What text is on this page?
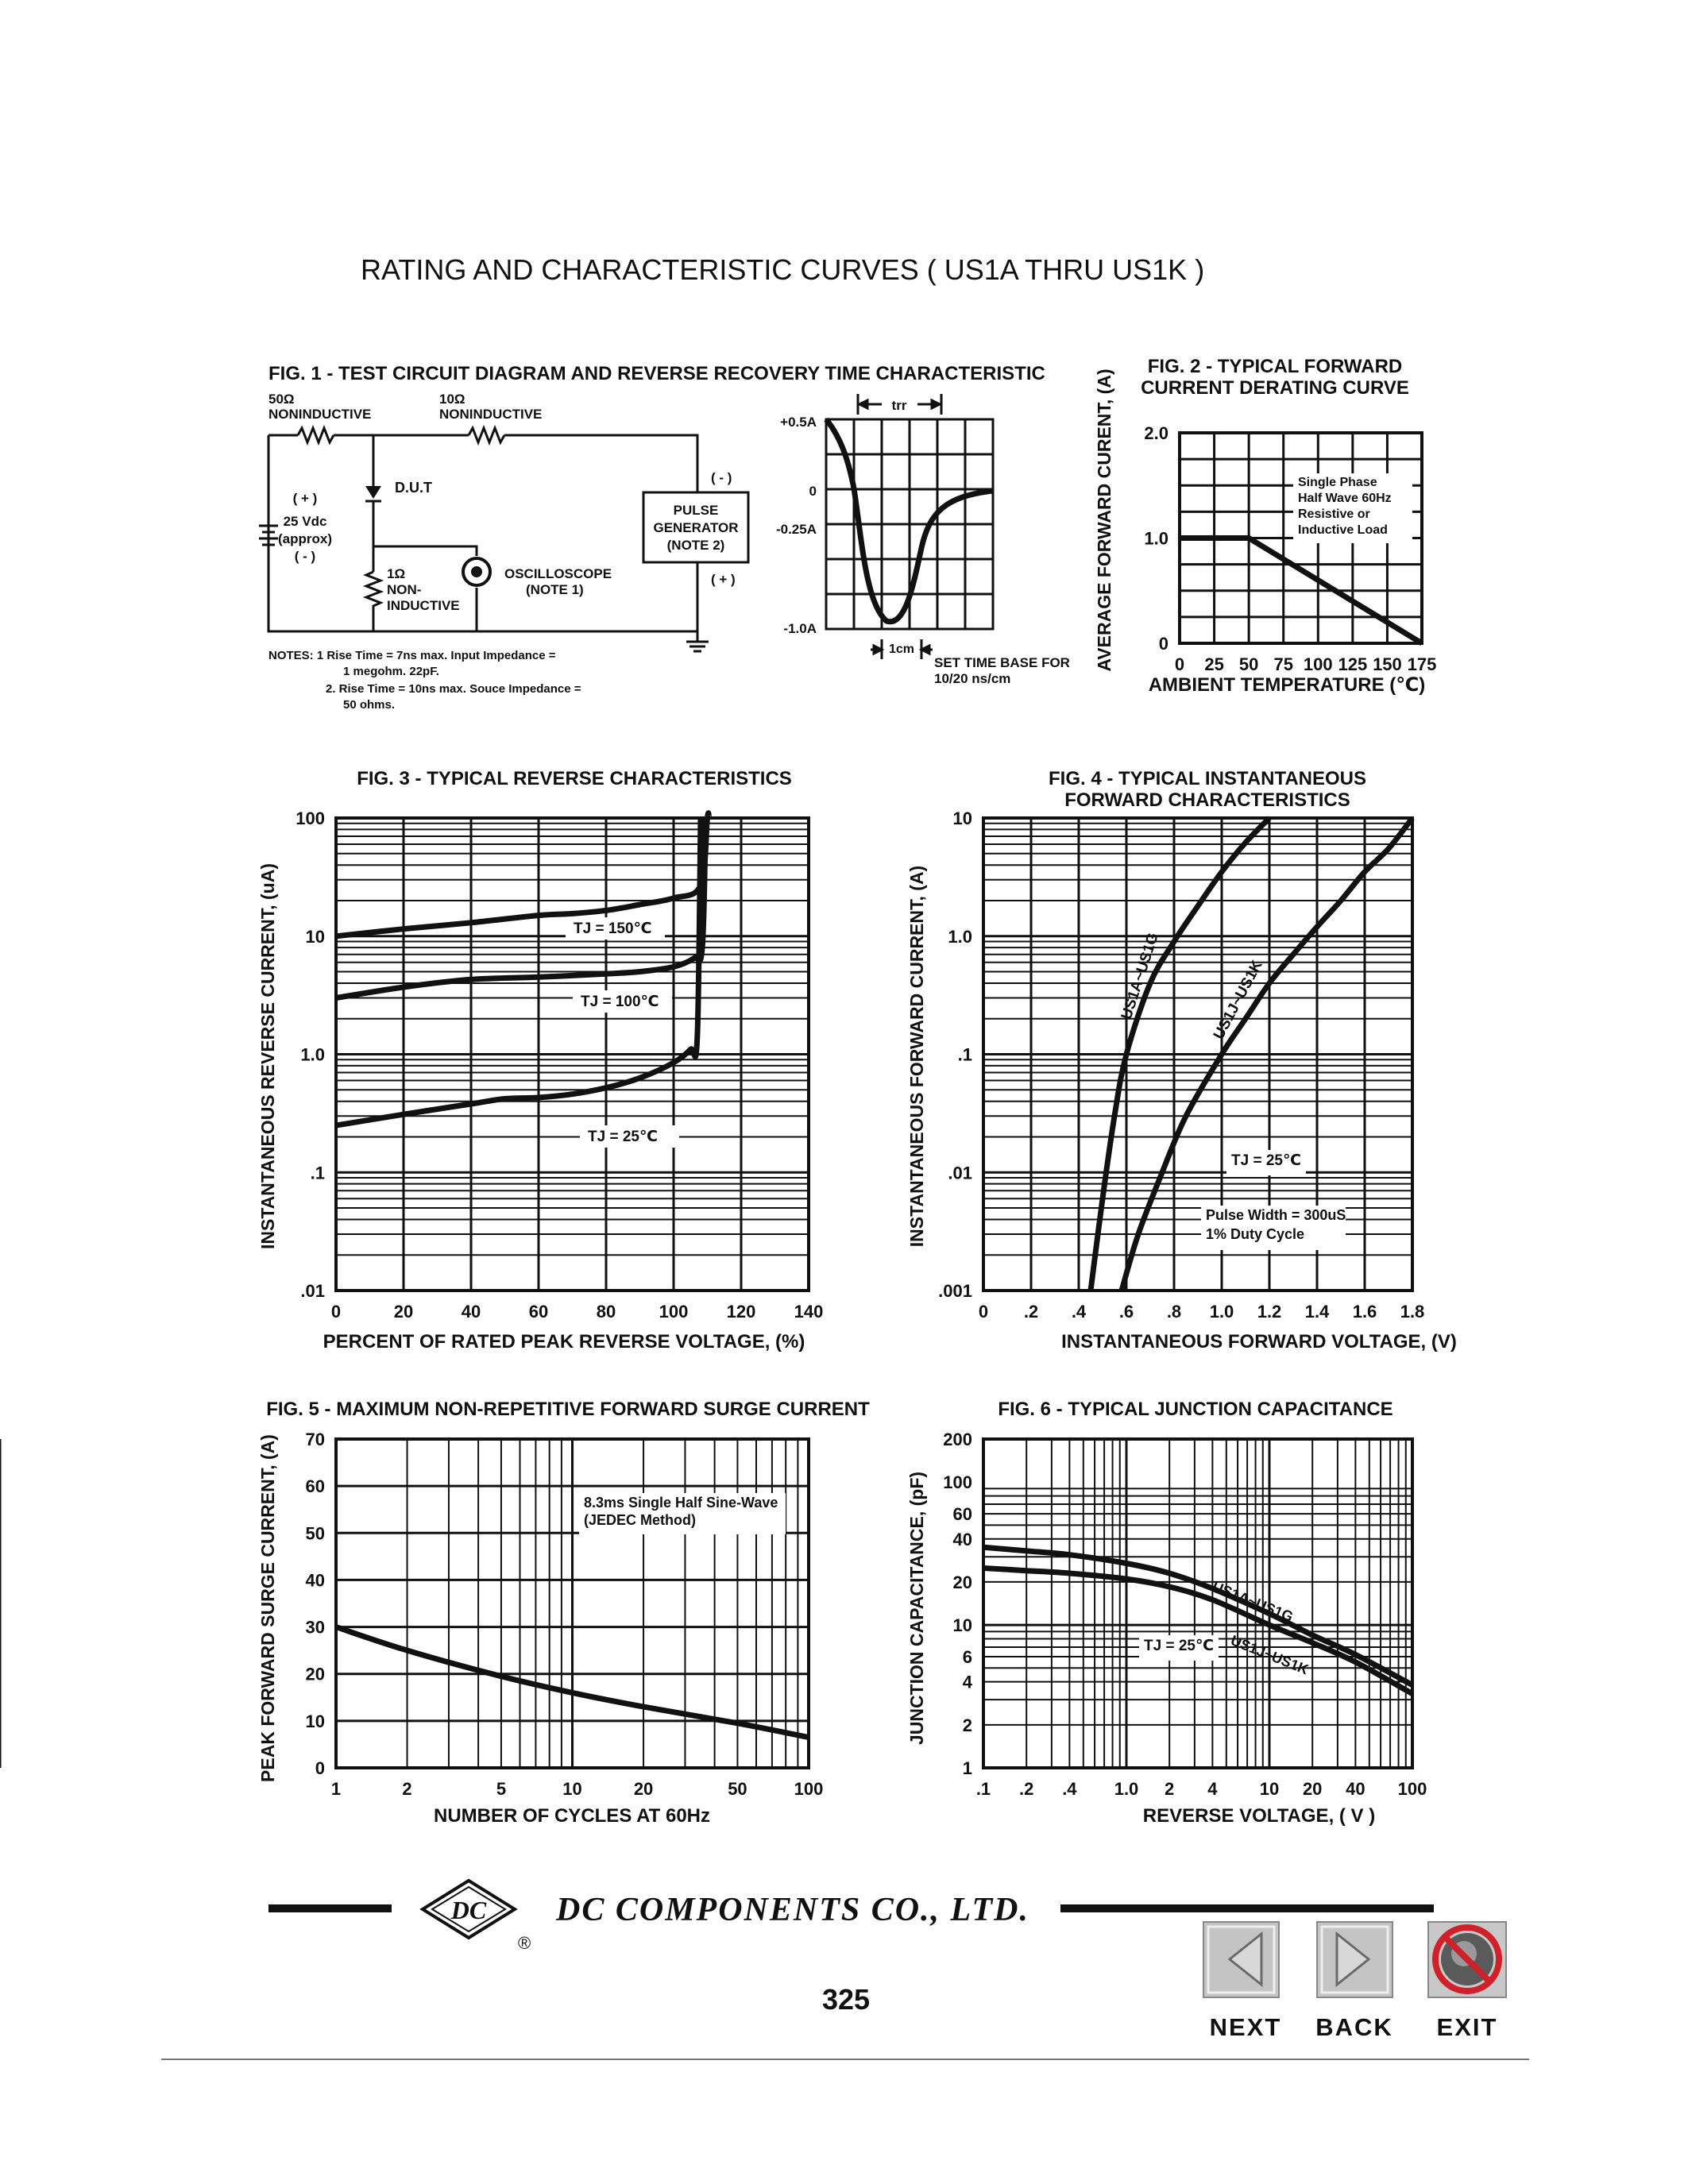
RATING AND CHARACTERISTIC CURVES ( US1A THRU US1K )
FIG. 1 - TEST CIRCUIT DIAGRAM AND REVERSE RECOVERY TIME CHARACTERISTIC
50Ω
NONINDUCTIVE
10Ω
NONINDUCTIVE
PULSE
GENERATOR
(NOTE 2)
( - )
( + )
D.U.T
( + )
25 Vdc
(approx)
( - )
1Ω
NON-
INDUCTIVE
OSCILLOSCOPE
(NOTE 1)
NOTES: 1 Rise Time = 7ns max. Input Impedance =
1 megohm. 22pF.
2. Rise Time = 10ns max. Souce Impedance =
50 ohms.
+0.5A
0
-0.25A
-1.0A
trr
1cm
SET TIME BASE FOR
10/20 ns/cm
FIG. 2 - TYPICAL FORWARD
CURRENT DERATING CURVE
AMBIENT TEMPERATURE (℃)
AVERAGE FORWARD CURENT, (A)
FIG. 3 - TYPICAL REVERSE CHARACTERISTICS
PERCENT OF RATED PEAK REVERSE VOLTAGE, (%)
INSTANTANEOUS REVERSE CURRENT, (uA)
FIG. 4 - TYPICAL INSTANTANEOUS
FORWARD CHARACTERISTICS
INSTANTANEOUS FORWARD VOLTAGE, (V)
INSTANTANEOUS FORWARD CURRENT, (A)
FIG. 5 - MAXIMUM NON-REPETITIVE FORWARD SURGE CURRENT
NUMBER OF CYCLES AT 60Hz
PEAK FORWARD SURGE CURRENT, (A)
FIG. 6 - TYPICAL JUNCTION CAPACITANCE
REVERSE VOLTAGE, ( V )
JUNCTION CAPACITANCE, (pF)
0 25 50 75 100 125 150 175
0
1.0
2.0
Single Phase
Half Wave 60Hz
Resistive or
Inductive Load
0	20	40	60	80 100 120 140
.01
.1
1.0
10
100
TJ = 150℃
TJ = 100℃
TJ = 25℃
0 .2 .4 .6 .8 1.0 1.2 1.4 1.6 1.8
.001
.01
.1
1.0
10
US1A~US1G	US1J~US1K
TJ = 25℃
Pulse Width = 300uS
1% Duty Cycle
1	2	5	10	20	50	100
0
10
20
30
40
50
60
70
8.3ms Single Half Sine-Wave
(JEDEC Method)
.1 .2 .4 1.0 2 4 10 20 40 100
1
2
4
6
10
20
40
60
100
200
US1A~US1G
US1J~US1K
TJ = 25℃
DC
®
DC COMPONENTS CO., LTD.
325
NEXT BACK EXIT
